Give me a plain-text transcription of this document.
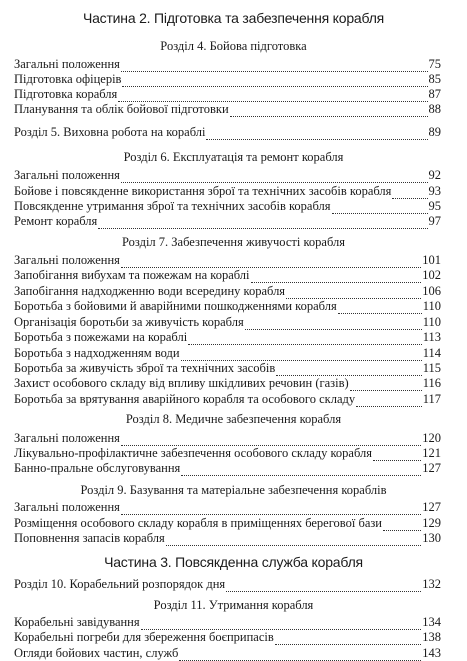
Частина 2. Підготовка та забезпечення корабля
Розділ 4. Бойова підготовка
Загальні положення	75
Підготовка офіцерів	85
Підготовка корабля	87
Планування та облік бойової підготовки	88
Розділ 5. Виховна робота на кораблі	89
Розділ 6. Експлуатація та ремонт корабля
Загальні положення	92
Бойове і повсякденне використання зброї та технічних засобів корабля	93
Повсякденне утримання зброї та технічних засобів корабля	95
Ремонт корабля	97
Розділ 7. Забезпечення живучості корабля
Загальні положення	101
Запобігання вибухам та пожежам на кораблі	102
Запобігання надходженню води всередину корабля	106
Боротьба з бойовими й аварійними пошкодженнями корабля	110
Організація боротьби за живучість корабля	110
Боротьба з пожежами на кораблі	113
Боротьба з надходженням води	114
Боротьба за живучість зброї та технічних засобів	115
Захист особового складу від впливу шкідливих речовин (газів)	116
Боротьба за врятування аварійного корабля та особового складу	117
Розділ 8. Медичне забезпечення корабля
Загальні положення	120
Лікувально-профілактичне забезпечення особового складу корабля	121
Банно-пральне обслуговування	127
Розділ 9. Базування та матеріальне забезпечення кораблів
Загальні положення	127
Розміщення особового складу корабля в приміщеннях берегової бази	129
Поповнення запасів корабля	130
Частина 3. Повсякденна служба корабля
Розділ 10. Корабельний розпорядок дня	132
Розділ 11. Утримання корабля
Корабельні завідування	134
Корабельні погреби для збереження боєприпасів	138
Огляди бойових частин, служб	143
